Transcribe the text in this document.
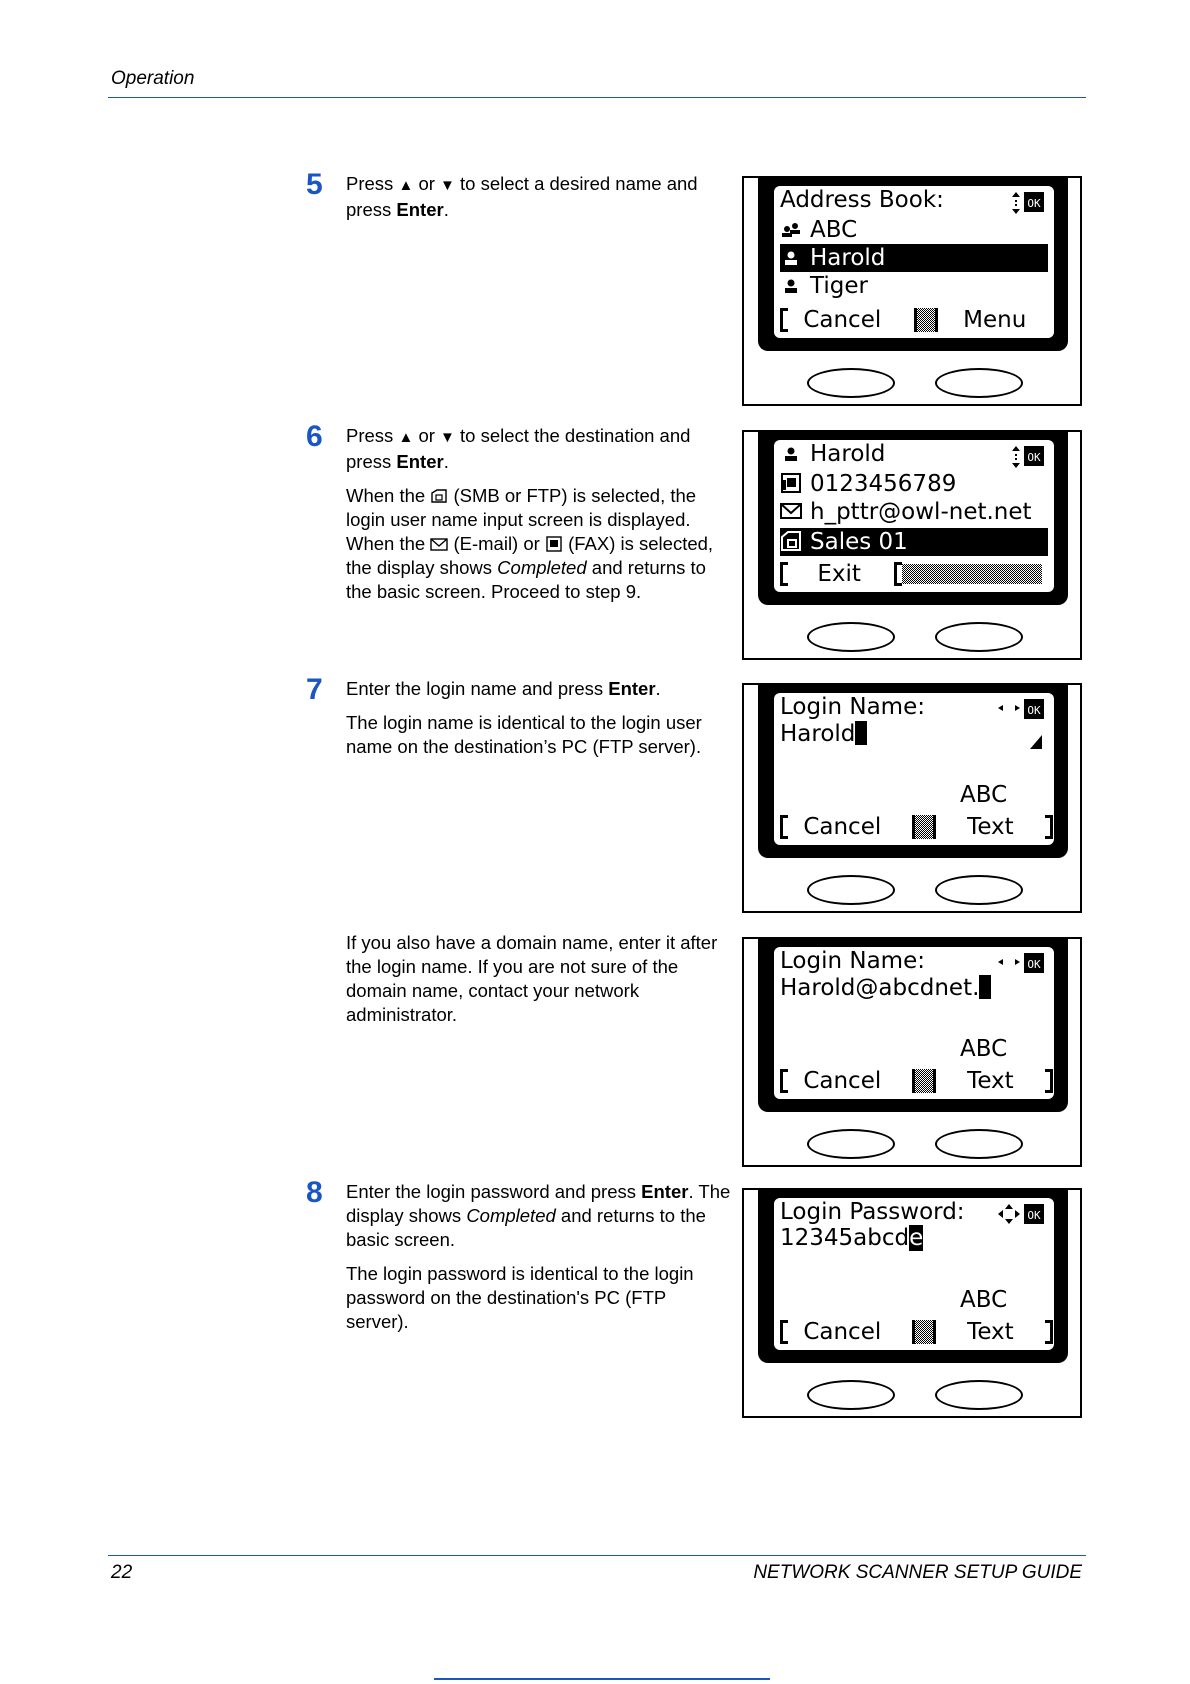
Operation
5 Press ▲ or ▼ to select a desired name and press Enter.	Address Book:	OK
ABC
Harold
Tiger
Cancel	Menu
6 Press ▲ or ▼ to select the destination and press Enter.

When the (SMB or FTP) is selected, the login user name input screen is displayed. When the (E-mail) or (FAX) is selected, the display shows Completed and returns to the basic screen. Proceed to step 9.

Harold	OK
0123456789
h_pttr@owl-net.net
Sales 01
Exit
7 Enter the login name and press Enter.

The login name is identical to the login user name on the destination’s PC (FTP server).

Login Name:	OK
Harold
ABC
Cancel	Text

If you also have a domain name, enter it after the login name. If you are not sure of the domain name, contact your network administrator.

Login Name:	OK
Harold@abcdnet.
ABC
Cancel	Text
8 Enter the login password and press Enter. The display shows Completed and returns to the basic screen.

The login password is identical to the login password on the destination's PC (FTP server).

Login Password:	OK
12345abcde
ABC
Cancel	Text
22	NETWORK SCANNER SETUP GUIDE
